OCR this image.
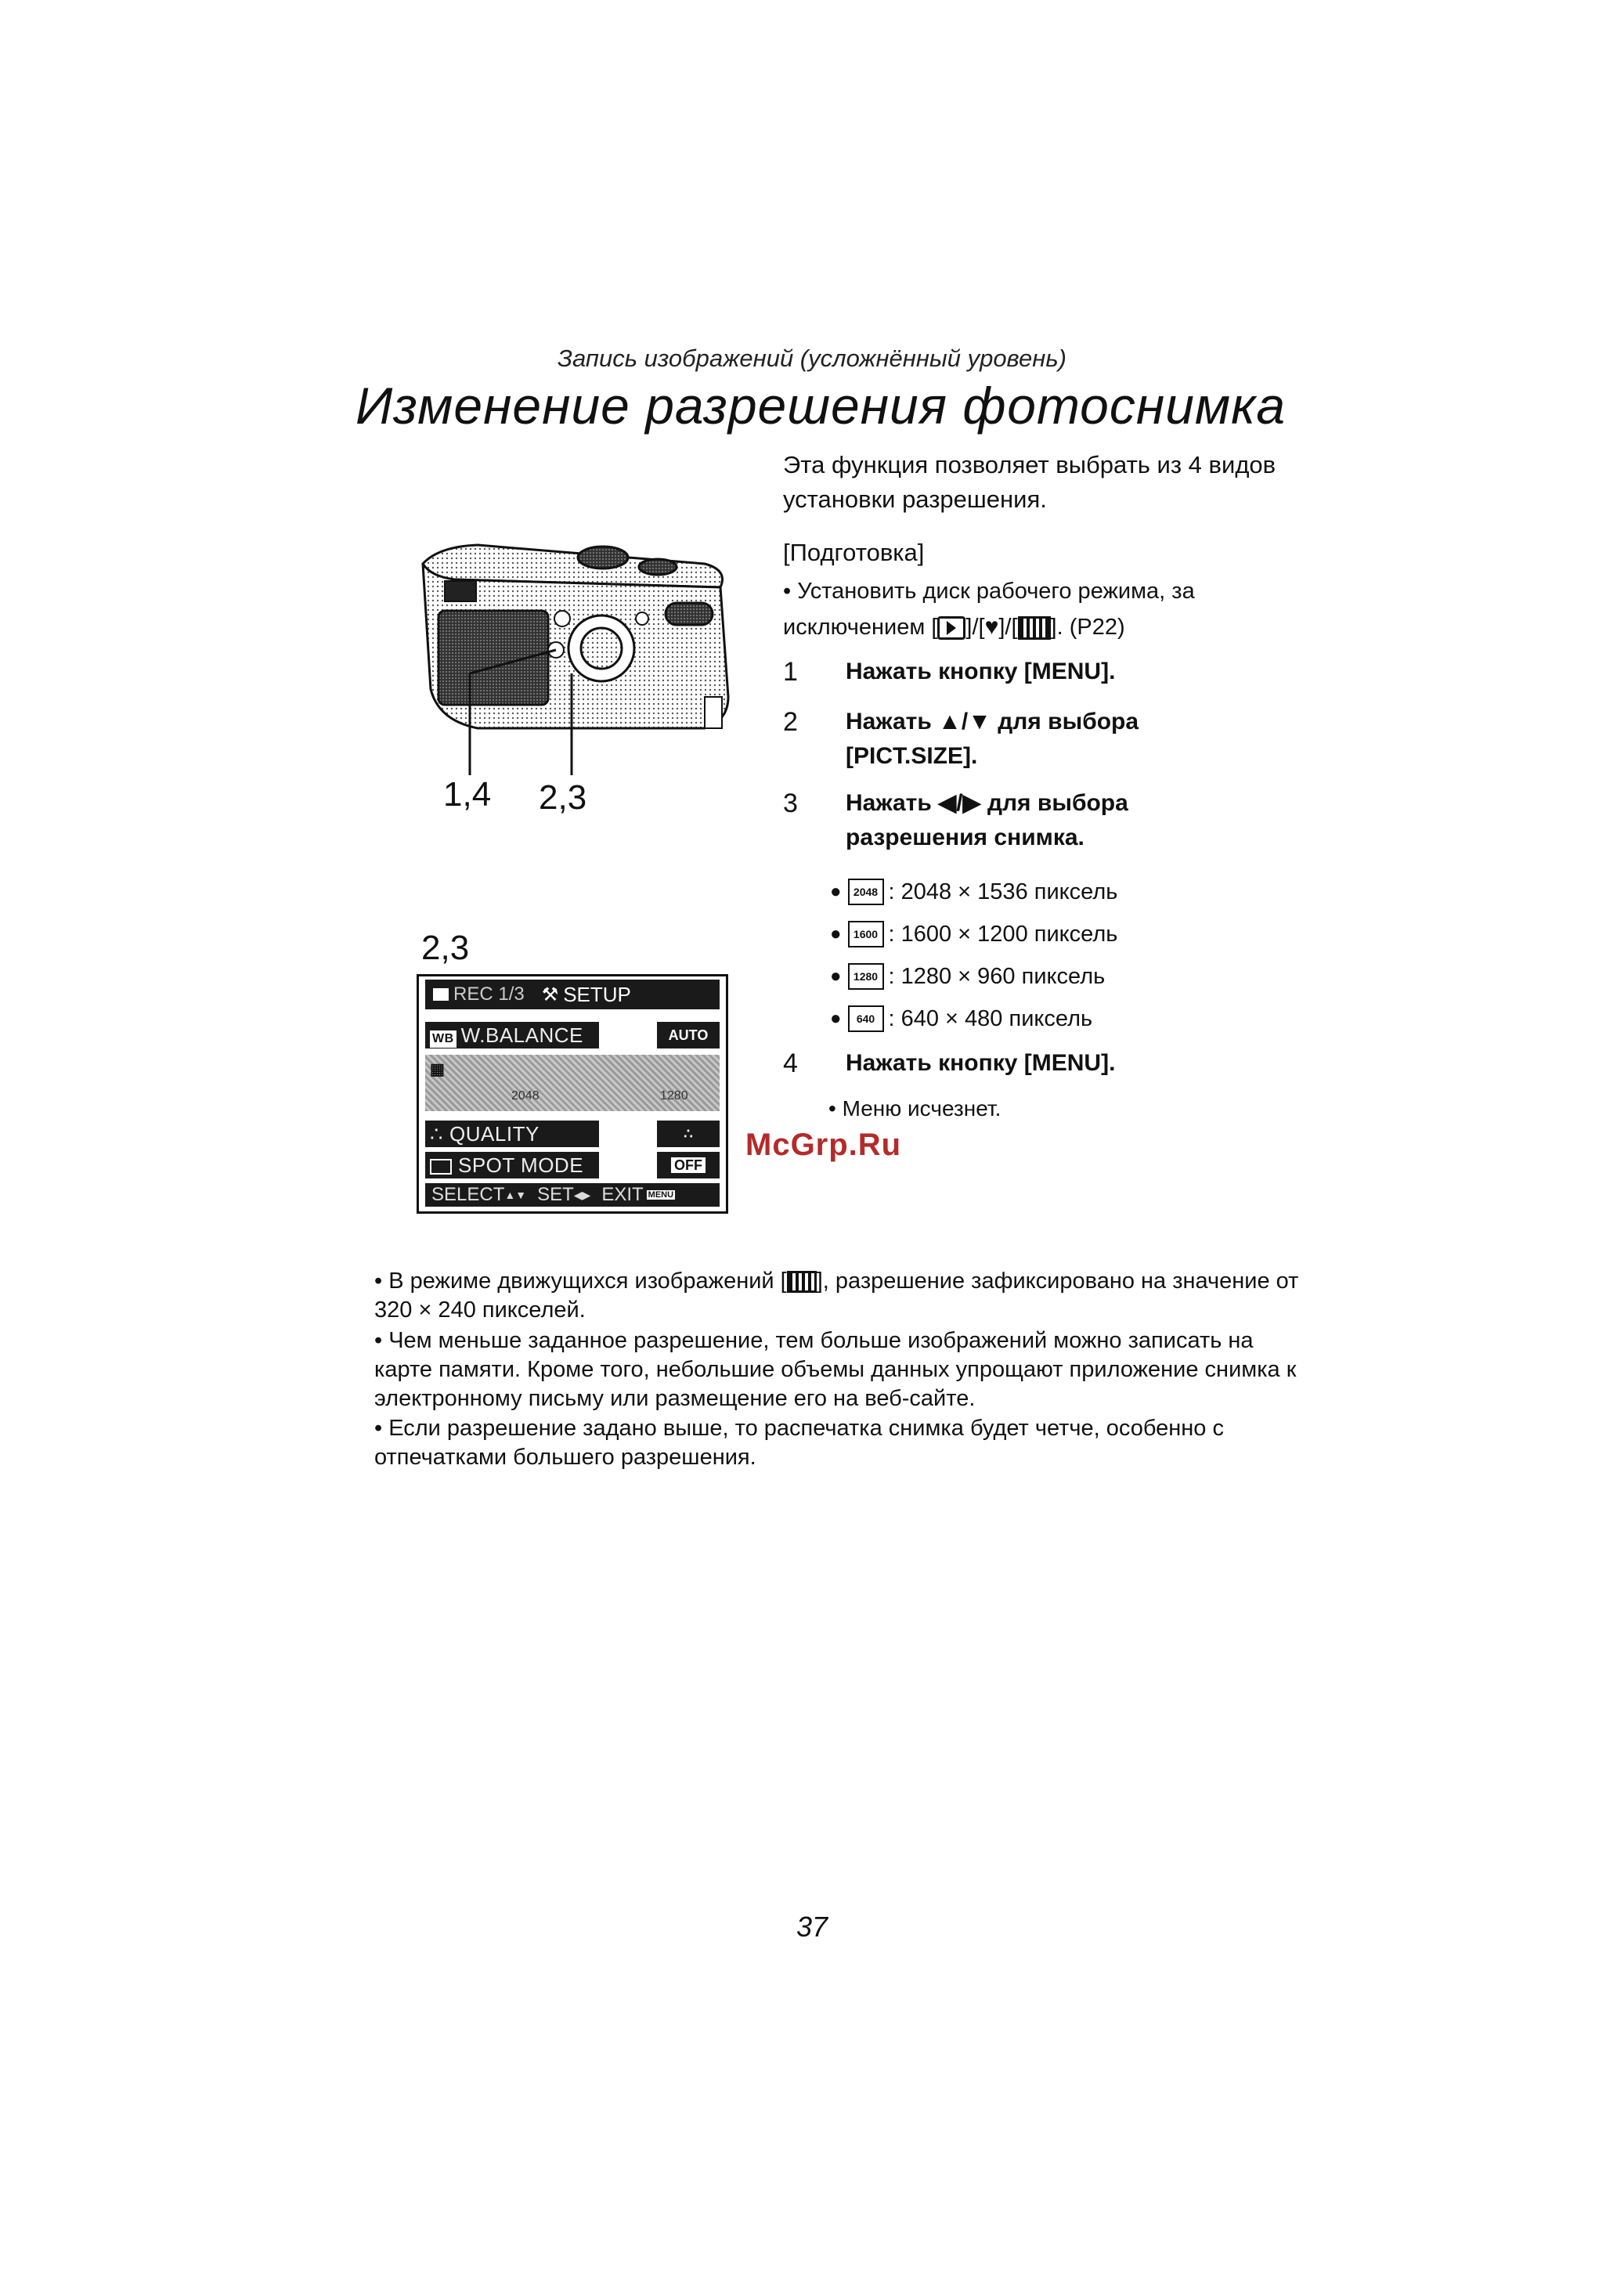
Запись изображений (усложнённый уровень)
Изменение разрешения фотоснимка
Эта функция позволяет выбрать из 4 видов установки разрешения.
[Подготовка]
• Установить диск рабочего режима, за исключением [ ]/[♥]/[ ]. (P22)
1 Нажать кнопку [MENU].
2 Нажать ▲/▼ для выбора [PICT.SIZE].
3 Нажать ◀/▶ для выбора разрешения снимка.
●	2048 : 2048 × 1536 пиксель
●	1600 : 1600 × 1200 пиксель
●	1280 : 1280 × 960 пиксель
●	640 : 640 × 480 пиксель
4 Нажать кнопку [MENU].
• Меню исчезнет.
1,4 2,3
2,3
REC 1/3 ⚒ SETUP
WB W.BALANCE	AUTO
▦
2048	1280
∴ QUALITY	∴
SPOT MODE	OFF
SELECT ▲▼ SET ◀▶ EXIT MENU
McGrp.Ru
• В режиме движущихся изображений [ ], разрешение зафиксировано на значение от 320 × 240 пикселей.
• Чем меньше заданное разрешение, тем больше изображений можно записать на карте памяти. Кроме того, небольшие объемы данных упрощают приложение снимка к электронному письму или размещение его на веб-сайте.
• Если разрешение задано выше, то распечатка снимка будет четче, особенно с отпечатками большего разрешения.
37
